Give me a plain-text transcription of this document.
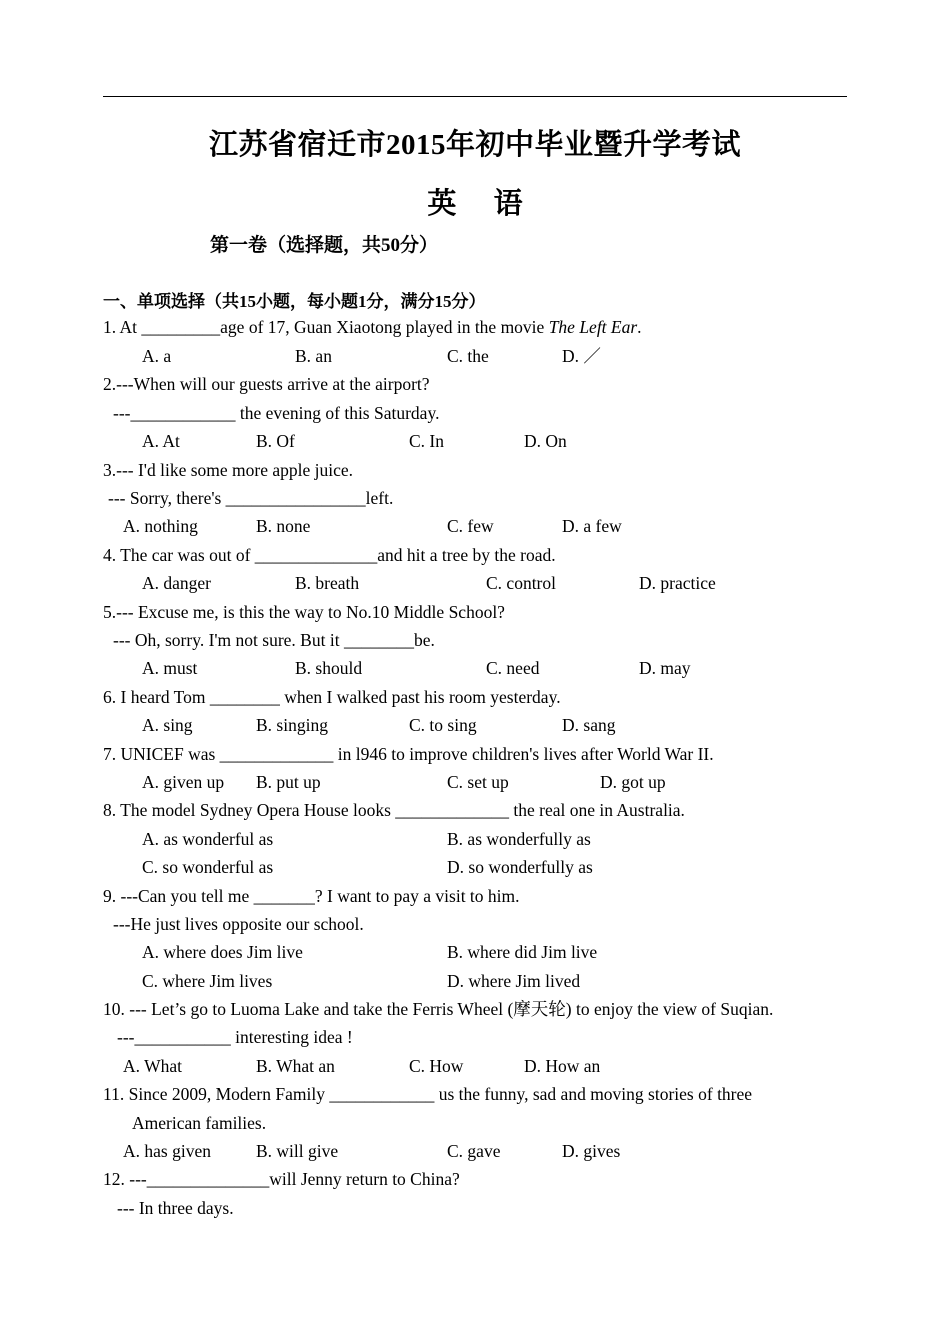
江苏省宿迁市2015年初中毕业暨升学考试
英 语
第一卷（选择题，共50分）
一、单项选择（共15小题，每小题1分，满分15分）
1. At _________age of 17, Guan Xiaotong played in the movie The Left Ear.
A. a	B. an	C. the	D. ／
2.---When will our guests arrive at the airport?
---____________ the evening of this Saturday.
A. At	B. Of	C. In	D. On
3.--- I'd like some more apple juice.
--- Sorry, there's ________________left.
A. nothing	B. none	C. few	D. a few
4. The car was out of ______________and hit a tree by the road.
A. danger	B. breath	C. control	D. practice
5.--- Excuse me, is this the way to No.10 Middle School?
--- Oh, sorry. I'm not sure. But it ________be.
A. must	B. should	C. need	D. may
6. I heard Tom ________ when I walked past his room yesterday.
A. sing	B. singing	C. to sing	D. sang
7. UNICEF was _____________ in l946 to improve children's lives after World War II.
A. given up B. put up	C. set up	D. got up
8. The model Sydney Opera House looks _____________ the real one in Australia.
A. as wonderful as	B. as wonderfully as
C. so wonderful as	D. so wonderfully as
9. ---Can you tell me _______? I want to pay a visit to him.
---He just lives opposite our school.
A. where does Jim live	B. where did Jim live
C. where Jim lives	D. where Jim lived
10. --- Let’s go to Luoma Lake and take the Ferris Wheel (摩天轮) to enjoy the view of Suqian.
---___________ interesting idea !
A. What	B. What an	C. How	D. How an
11. Since 2009, Modern Family ____________ us the funny, sad and moving stories of three
American families.
A. has given	B. will give	C. gave	D. gives
12. ---______________will Jenny return to China?
--- In three days.
